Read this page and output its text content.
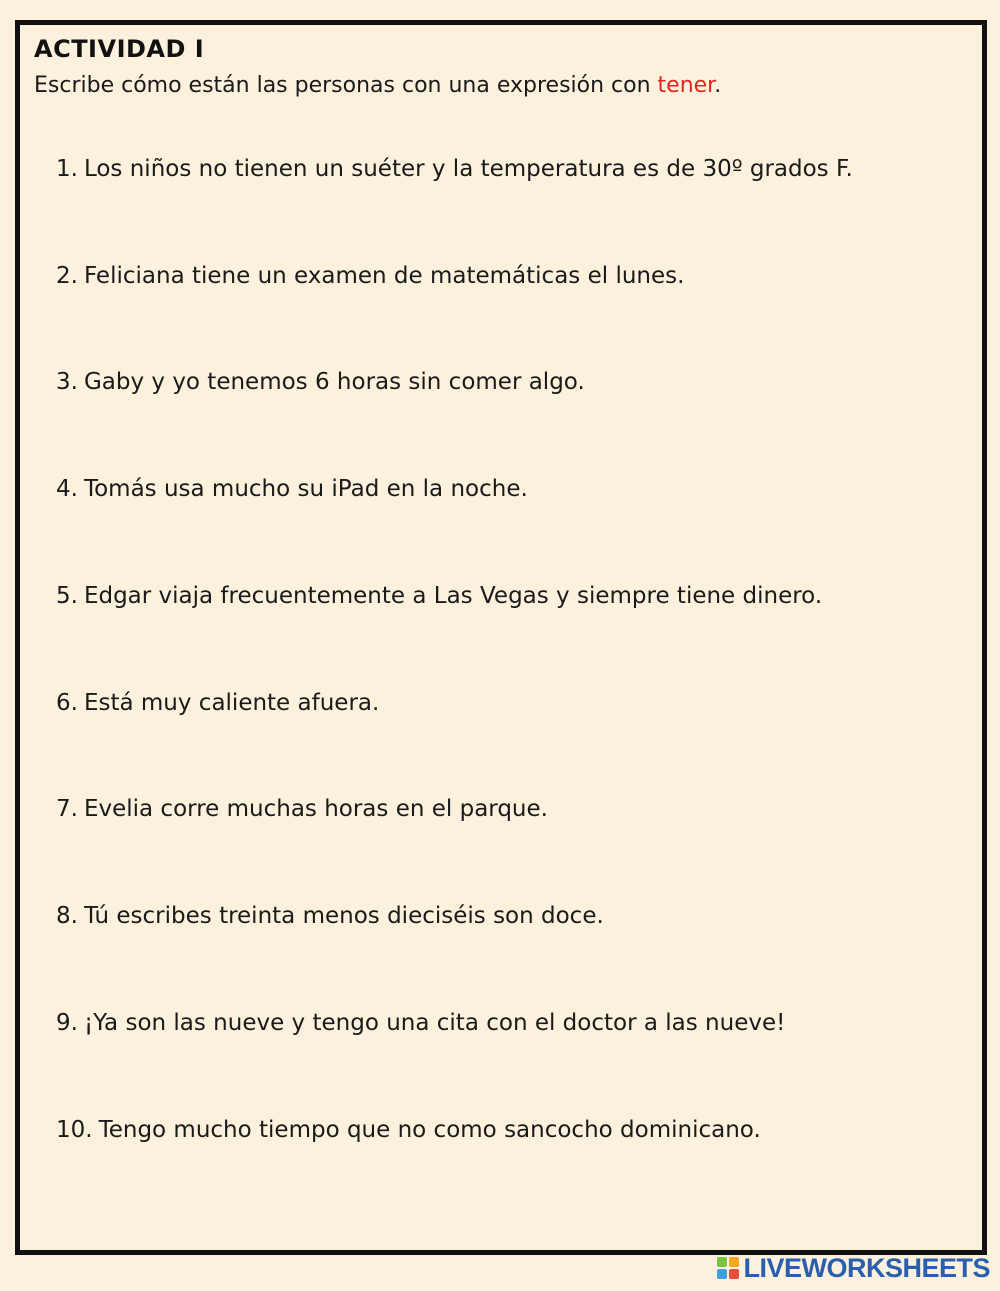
ACTIVIDAD I

Escribe cómo están las personas con una expresión con tener.

1. Los niños no tienen un suéter y la temperatura es de 30º grados F.
2. Feliciana tiene un examen de matemáticas el lunes.
3. Gaby y yo tenemos 6 horas sin comer algo.
4. Tomás usa mucho su iPad en la noche.
5. Edgar viaja frecuentemente a Las Vegas y siempre tiene dinero.
6. Está muy caliente afuera.
7. Evelia corre muchas horas en el parque.
8. Tú escribes treinta menos dieciséis son doce.
9. ¡Ya son las nueve y tengo una cita con el doctor a las nueve!
10. Tengo mucho tiempo que no como sancocho dominicano.
LIVEWORKSHEETS
